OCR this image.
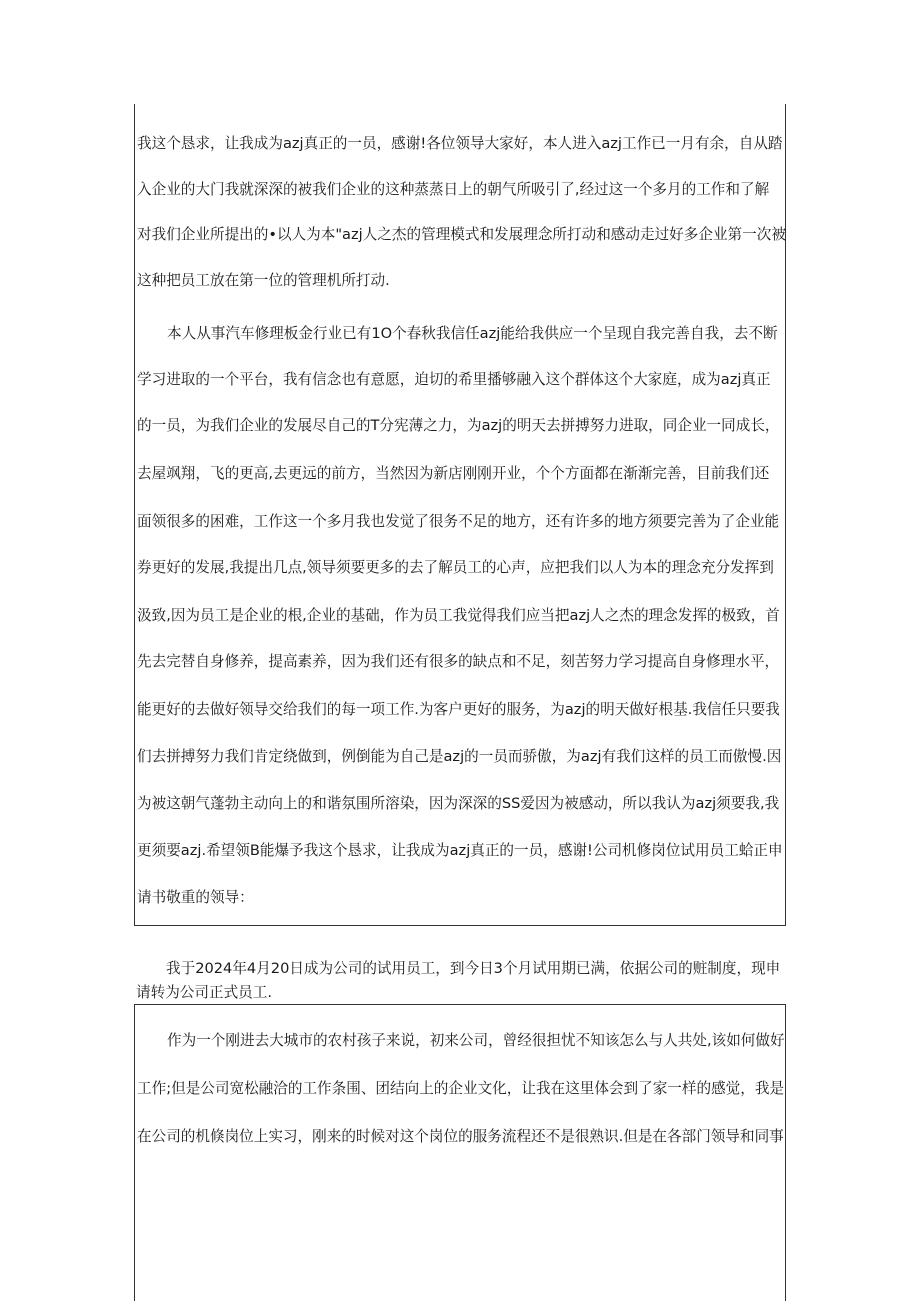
我这个恳求，让我成为azj真正的一员，感谢!各位领导大家好，本人进入azj工作已一月有余，自从踏
入企业的大门我就深深的被我们企业的这种蒸蒸日上的朝气所吸引了,经过这一个多月的工作和了解
对我们企业所提出的•以人为本"azj人之杰的管理模式和发展理念所打动和感动走过好多企业第一次被
这种把员工放在第一位的管理机所打动.
本人从事汽车修理板金行业已有1O个春秋我信任azj能给我供应一个呈现自我完善自我，去不断
学习进取的一个平台，我有信念也有意愿，迫切的希里播够融入这个群体这个大家庭，成为azj真正
的一员，为我们企业的发展尽自己的T分宪薄之力，为azj的明天去拼搏努力进取，同企业一同成长，
去屋飒翔，飞的更高,去更远的前方，当然因为新店刚刚开业，个个方面都在渐渐完善，目前我们还
面领很多的困难，工作这一个多月我也发觉了很务不足的地方，还有许多的地方须要完善为了企业能
券更好的发展,我提出几点,领导须要更多的去了解员工的心声，应把我们以人为本的理念充分发挥到
汲致,因为员工是企业的根,企业的基础，作为员工我觉得我们应当把azj人之杰的理念发挥的极致，首
先去完替自身修养，提高素养，因为我们还有很多的缺点和不足，刻苦努力学习提高自身修理水平，
能更好的去做好领导交给我们的每一项工作.为客户更好的服务，为azj的明天做好根基.我信任只要我
们去拼搏努力我们肯定绕做到，例倒能为自己是azj的一员而骄傲，为azj有我们这样的员工而傲慢.因
为被这朝气蓬勃主动向上的和谐氛围所溶染，因为深深的SS爱因为被感动，所以我认为azj须要我,我
更须要azj.希望领B能爆予我这个恳求，让我成为azj真正的一员，感谢!公司机修岗位试用员工蛤正申
请书敬重的领导：
我于2024年4月20日成为公司的试用员工，到今日3个月试用期已满，依据公司的赃制度，现申
请转为公司正式员工.
作为一个刚进去大城市的农村孩子来说，初来公司，曾经很担忧不知该怎么与人共处,该如何做好
工作;但是公司宽松融洽的工作条围、团结向上的企业文化，让我在这里体会到了家一样的感觉，我是
在公司的机倏岗位上实习，刚来的时候对这个岗位的服务流程还不是很熟识.但是在各部门领导和同事
